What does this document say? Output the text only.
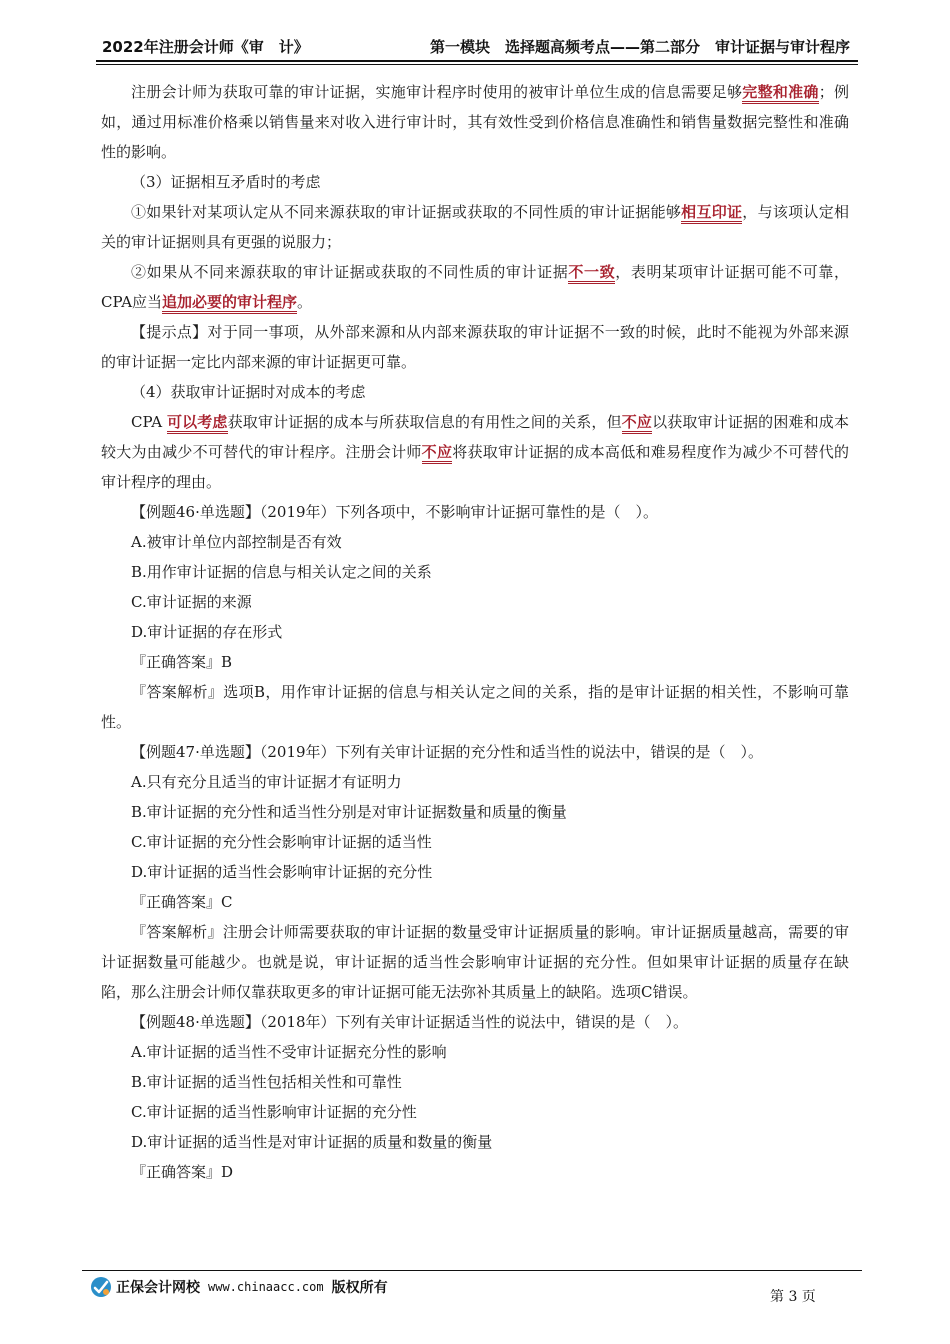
2022年注册会计师《审　计》	第一模块　选择题高频考点——第二部分　审计证据与审计程序

注册会计师为获取可靠的审计证据，实施审计程序时使用的被审计单位生成的信息需要足够完整和准确；例如，通过用标准价格乘以销售量来对收入进行审计时，其有效性受到价格信息准确性和销售量数据完整性和准确性的影响。

（3）证据相互矛盾时的考虑

①如果针对某项认定从不同来源获取的审计证据或获取的不同性质的审计证据能够相互印证，与该项认定相关的审计证据则具有更强的说服力；

②如果从不同来源获取的审计证据或获取的不同性质的审计证据不一致，表明某项审计证据可能不可靠，CPA应当追加必要的审计程序。

【提示点】对于同一事项，从外部来源和从内部来源获取的审计证据不一致的时候，此时不能视为外部来源的审计证据一定比内部来源的审计证据更可靠。

（4）获取审计证据时对成本的考虑

CPA 可以考虑获取审计证据的成本与所获取信息的有用性之间的关系，但不应以获取审计证据的困难和成本较大为由减少不可替代的审计程序。注册会计师不应将获取审计证据的成本高低和难易程度作为减少不可替代的审计程序的理由。

【例题46·单选题】（2019年）下列各项中，不影响审计证据可靠性的是（　）。

A.被审计单位内部控制是否有效

B.用作审计证据的信息与相关认定之间的关系

C.审计证据的来源

D.审计证据的存在形式

『正确答案』B

『答案解析』选项B，用作审计证据的信息与相关认定之间的关系，指的是审计证据的相关性，不影响可靠性。

【例题47·单选题】（2019年）下列有关审计证据的充分性和适当性的说法中，错误的是（　）。

A.只有充分且适当的审计证据才有证明力

B.审计证据的充分性和适当性分别是对审计证据数量和质量的衡量

C.审计证据的充分性会影响审计证据的适当性

D.审计证据的适当性会影响审计证据的充分性

『正确答案』C

『答案解析』注册会计师需要获取的审计证据的数量受审计证据质量的影响。审计证据质量越高，需要的审计证据数量可能越少。也就是说，审计证据的适当性会影响审计证据的充分性。但如果审计证据的质量存在缺陷，那么注册会计师仅靠获取更多的审计证据可能无法弥补其质量上的缺陷。选项C错误。

【例题48·单选题】（2018年）下列有关审计证据适当性的说法中，错误的是（　）。

A.审计证据的适当性不受审计证据充分性的影响

B.审计证据的适当性包括相关性和可靠性

C.审计证据的适当性影响审计证据的充分性

D.审计证据的适当性是对审计证据的质量和数量的衡量

『正确答案』D

正保会计网校 www.chinaacc.com 版权所有
第 3 页
